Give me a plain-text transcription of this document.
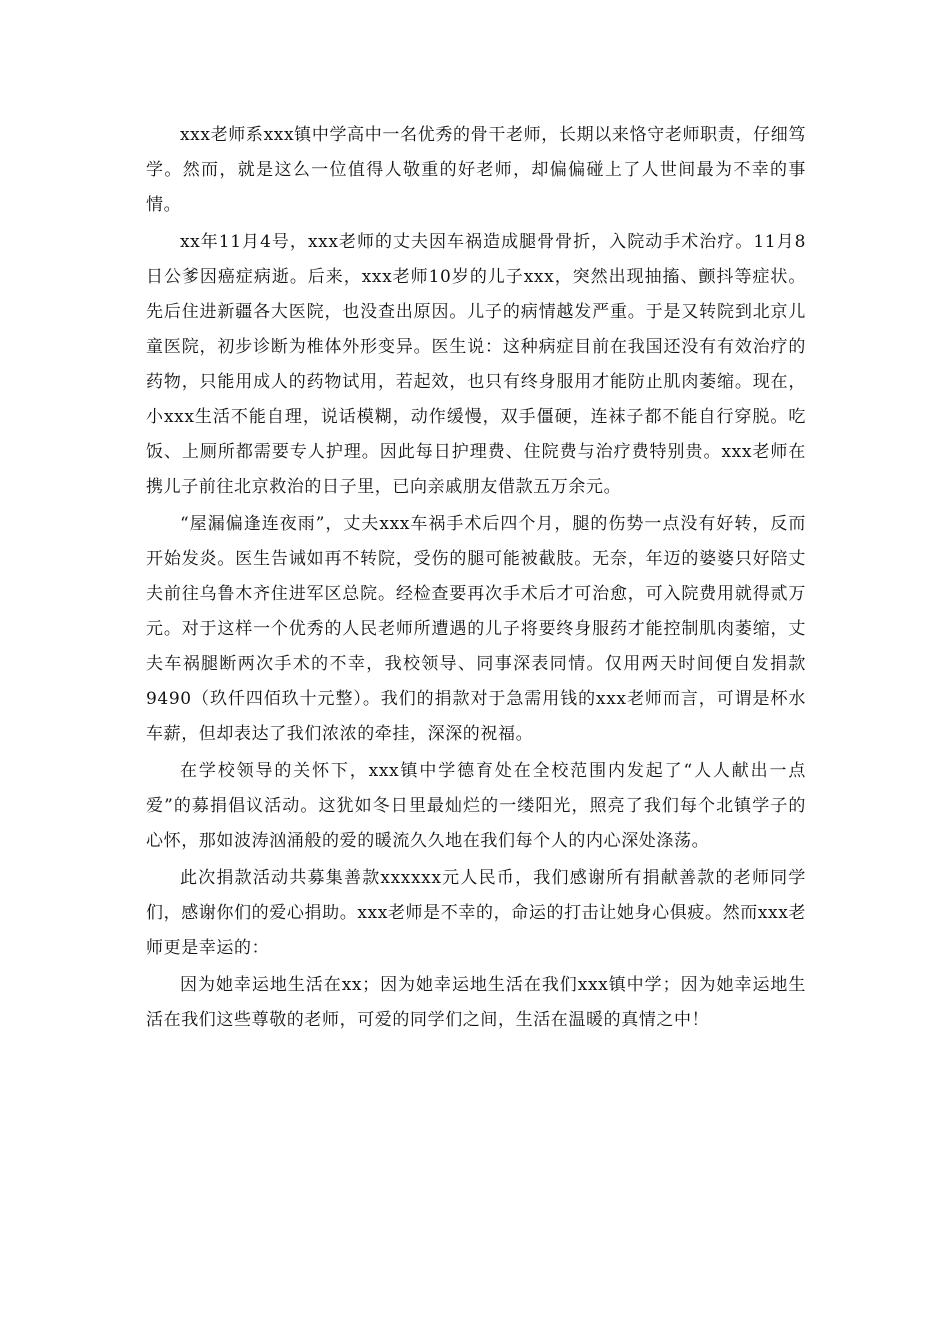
xxx老师系xxx镇中学高中一名优秀的骨干老师，长期以来恪守老师职责，仔细笃学。然而，就是这么一位值得人敬重的好老师，却偏偏碰上了人世间最为不幸的事情。

xx年11月4号，xxx老师的丈夫因车祸造成腿骨骨折，入院动手术治疗。11月8日公爹因癌症病逝。后来，xxx老师10岁的儿子xxx，突然出现抽搐、颤抖等症状。先后住进新疆各大医院，也没查出原因。儿子的病情越发严重。于是又转院到北京儿童医院，初步诊断为椎体外形变异。医生说：这种病症目前在我国还没有有效治疗的药物，只能用成人的药物试用，若起效，也只有终身服用才能防止肌肉萎缩。现在，小xxx生活不能自理，说话模糊，动作缓慢，双手僵硬，连袜子都不能自行穿脱。吃饭、上厕所都需要专人护理。因此每日护理费、住院费与治疗费特别贵。xxx老师在携儿子前往北京救治的日子里，已向亲戚朋友借款五万余元。

“屋漏偏逢连夜雨”，丈夫xxx车祸手术后四个月，腿的伤势一点没有好转，反而开始发炎。医生告诫如再不转院，受伤的腿可能被截肢。无奈，年迈的婆婆只好陪丈夫前往乌鲁木齐住进军区总院。经检查要再次手术后才可治愈，可入院费用就得贰万元。对于这样一个优秀的人民老师所遭遇的儿子将要终身服药才能控制肌肉萎缩，丈夫车祸腿断两次手术的不幸，我校领导、同事深表同情。仅用两天时间便自发捐款9490（玖仟四佰玖十元整）。我们的捐款对于急需用钱的xxx老师而言，可谓是杯水车薪，但却表达了我们浓浓的牵挂，深深的祝福。

在学校领导的关怀下，xxx镇中学德育处在全校范围内发起了“人人献出一点爱”的募捐倡议活动。这犹如冬日里最灿烂的一缕阳光，照亮了我们每个北镇学子的心怀，那如波涛汹涌般的爱的暖流久久地在我们每个人的内心深处涤荡。

此次捐款活动共募集善款xxxxxx元人民币，我们感谢所有捐献善款的老师同学们，感谢你们的爱心捐助。xxx老师是不幸的，命运的打击让她身心俱疲。然而xxx老师更是幸运的：

因为她幸运地生活在xx；因为她幸运地生活在我们xxx镇中学；因为她幸运地生活在我们这些尊敬的老师，可爱的同学们之间，生活在温暖的真情之中！
